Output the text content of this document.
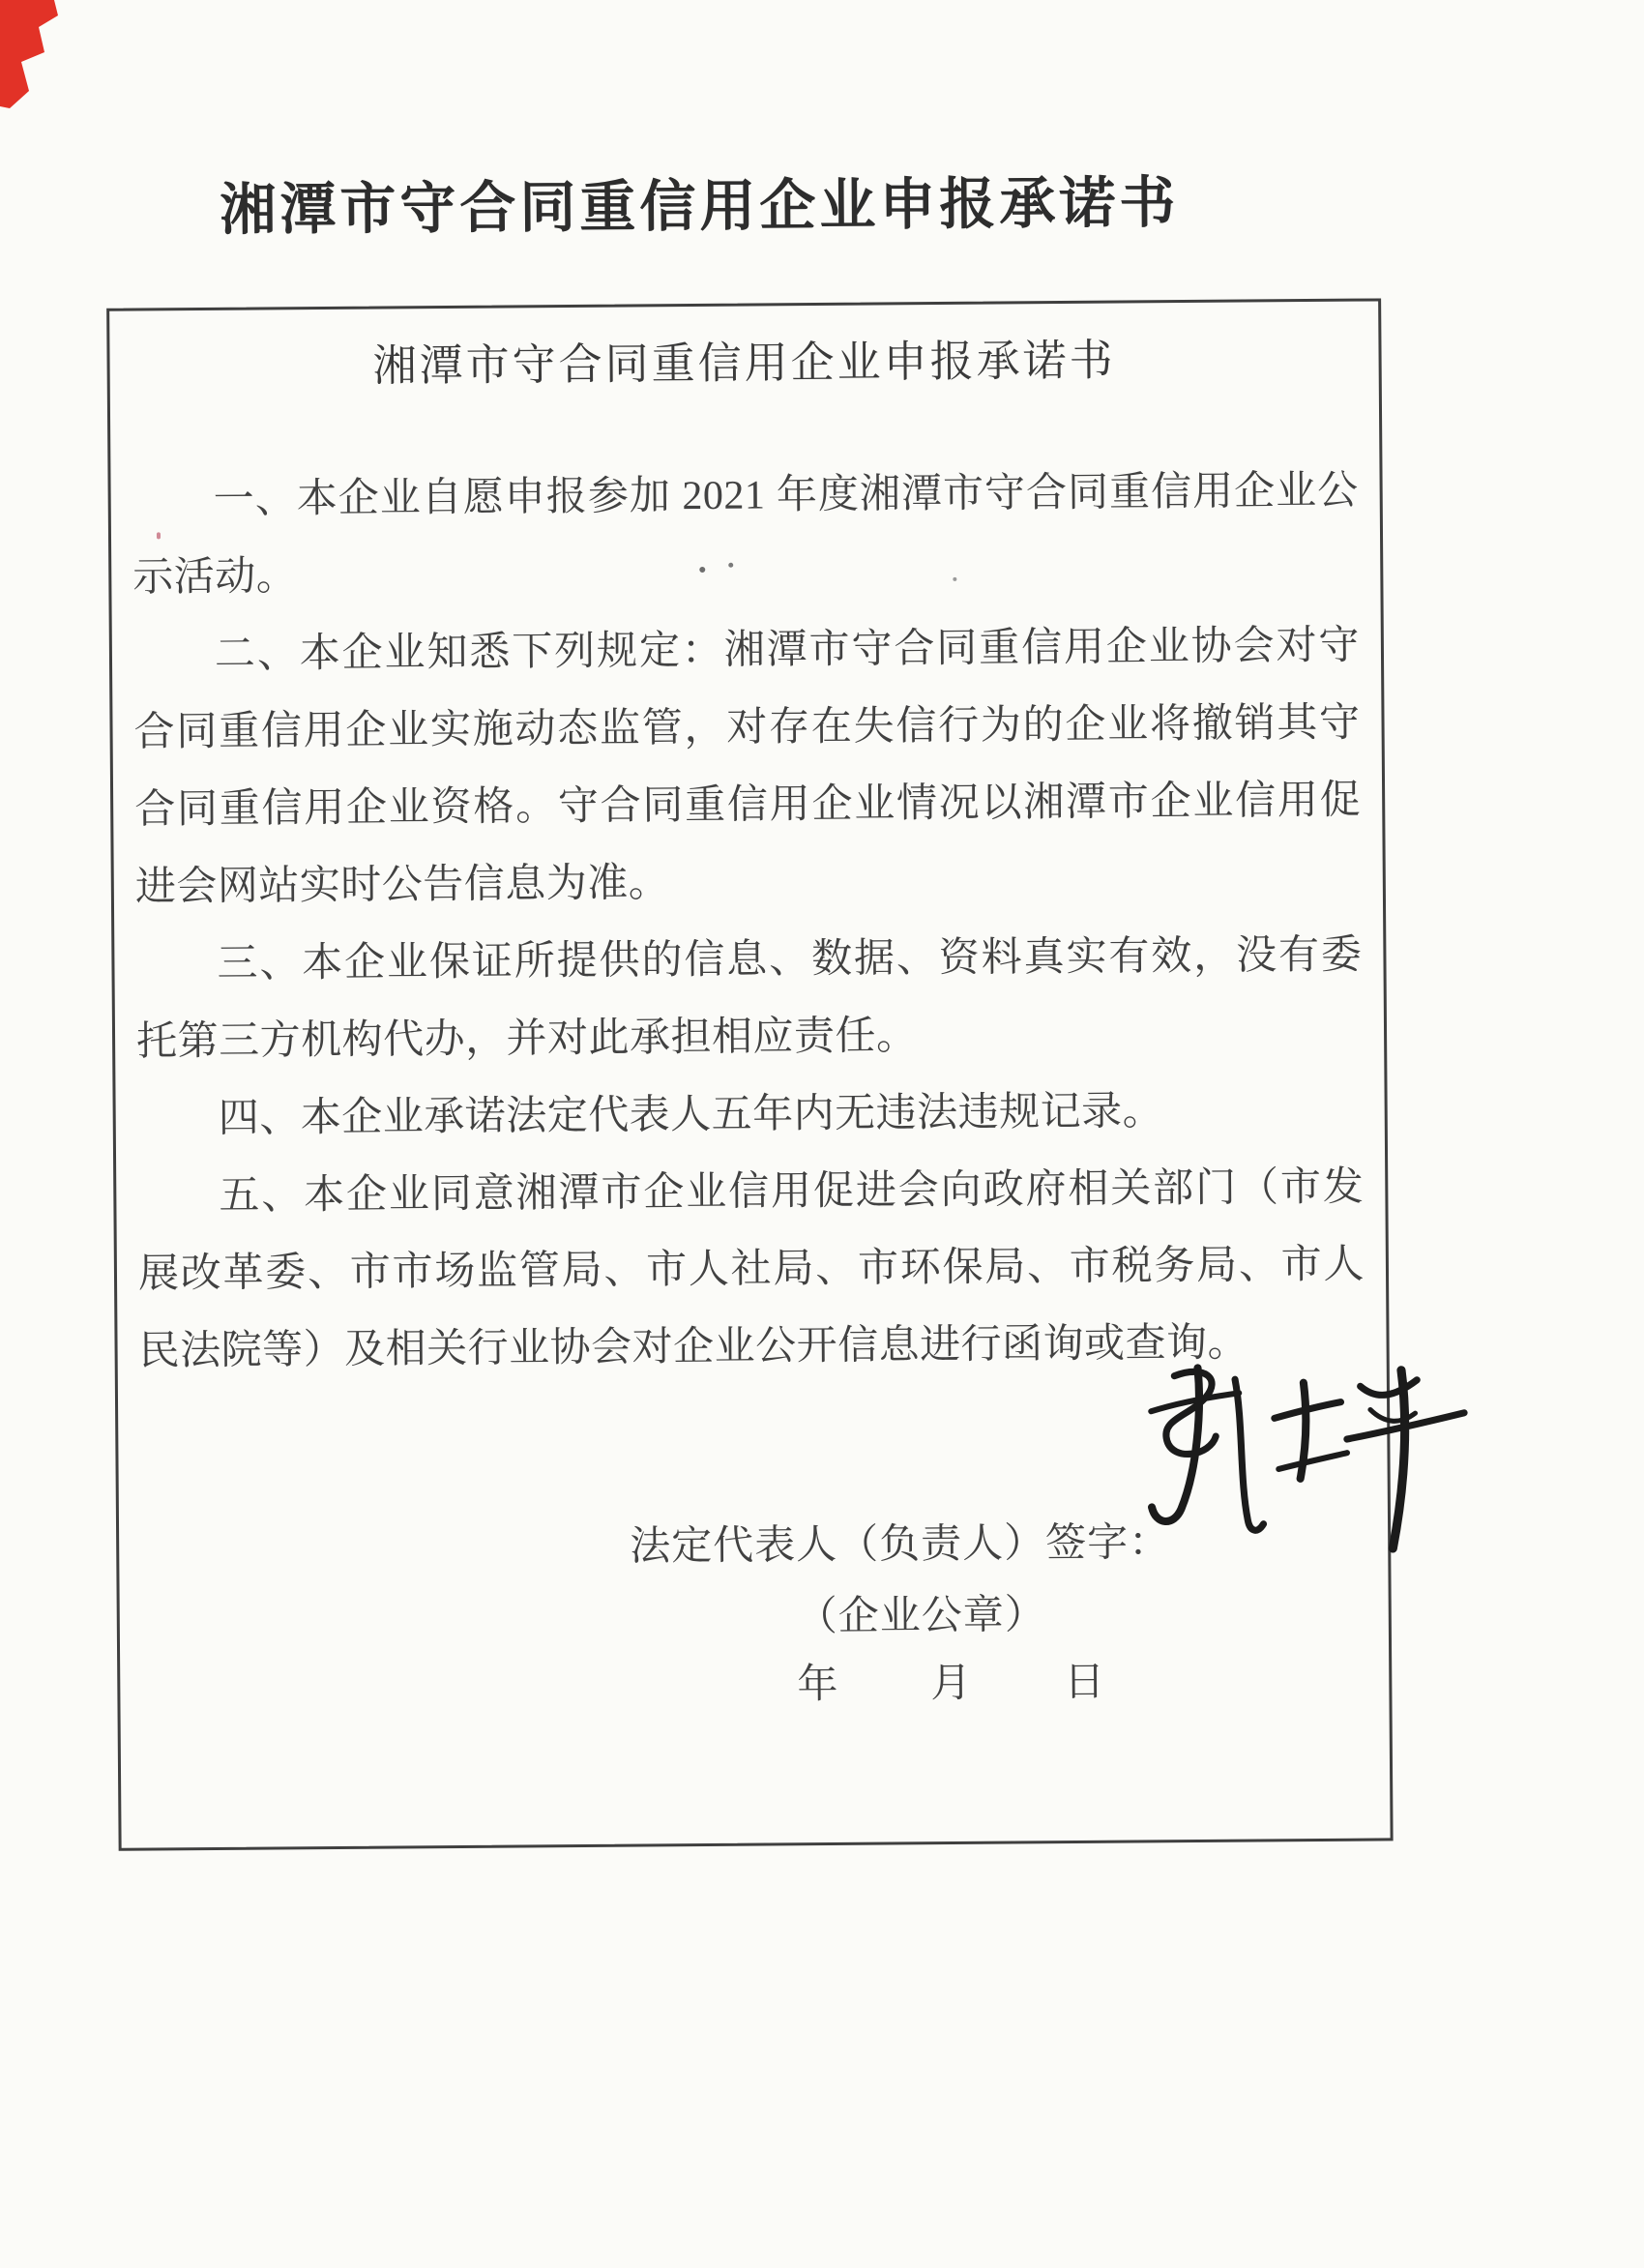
湘潭市守合同重信用企业申报承诺书
湘潭市守合同重信用企业申报承诺书

一、本企业自愿申报参加 2021 年度湘潭市守合同重信用企业公示活动。

二、本企业知悉下列规定：湘潭市守合同重信用企业协会对守合同重信用企业实施动态监管，对存在失信行为的企业将撤销其守合同重信用企业资格。守合同重信用企业情况以湘潭市企业信用促进会网站实时公告信息为准。

三、本企业保证所提供的信息、数据、资料真实有效，没有委托第三方机构代办，并对此承担相应责任。

四、本企业承诺法定代表人五年内无违法违规记录。

五、本企业同意湘潭市企业信用促进会向政府相关部门（市发展改革委、市市场监管局、市人社局、市环保局、市税务局、市人民法院等）及相关行业协会对企业公开信息进行函询或查询。

法定代表人（负责人）签字：
（企业公章）
年　　月　　日
